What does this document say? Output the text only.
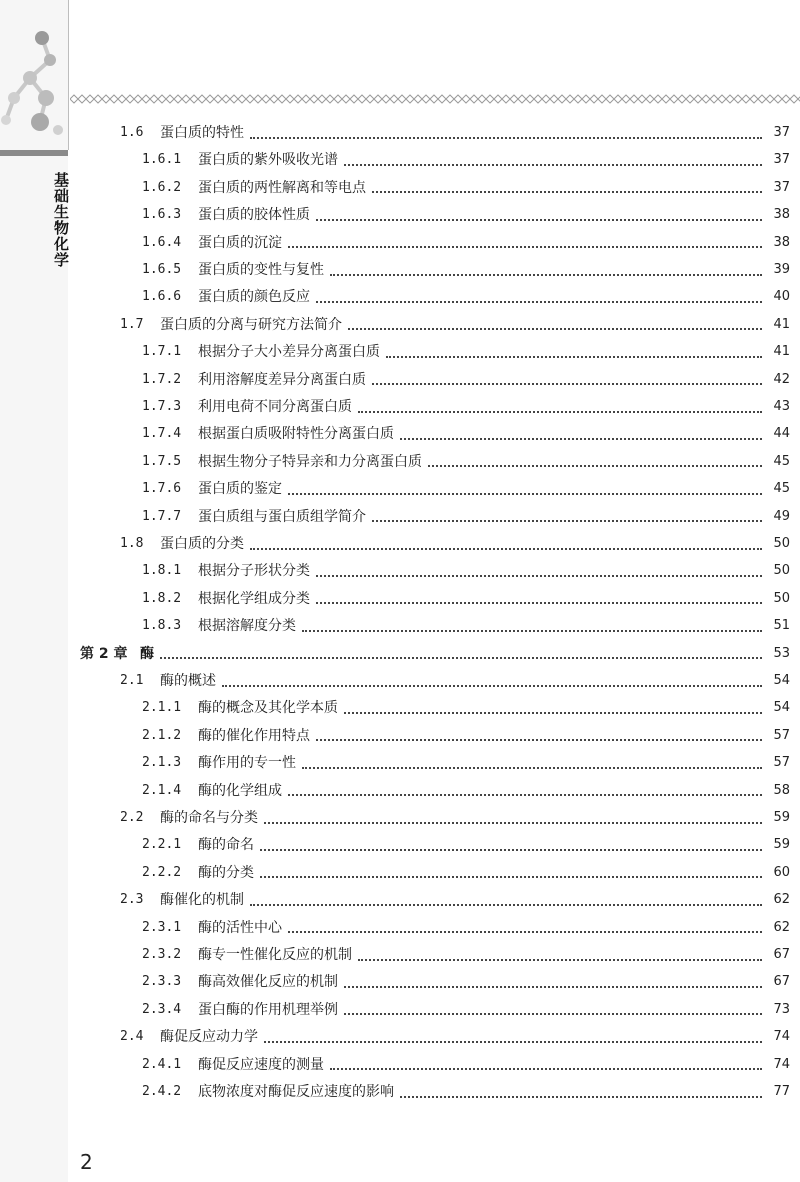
基础生物化学
1.6	蛋白质的特性	37
1.6.1	蛋白质的紫外吸收光谱	37
1.6.2	蛋白质的两性解离和等电点	37
1.6.3	蛋白质的胶体性质	38
1.6.4	蛋白质的沉淀	38
1.6.5	蛋白质的变性与复性	39
1.6.6	蛋白质的颜色反应	40
1.7	蛋白质的分离与研究方法简介	41
1.7.1	根据分子大小差异分离蛋白质	41
1.7.2	利用溶解度差异分离蛋白质	42
1.7.3	利用电荷不同分离蛋白质	43
1.7.4	根据蛋白质吸附特性分离蛋白质	44
1.7.5	根据生物分子特异亲和力分离蛋白质	45
1.7.6	蛋白质的鉴定	45
1.7.7	蛋白质组与蛋白质组学简介	49
1.8	蛋白质的分类	50
1.8.1	根据分子形状分类	50
1.8.2	根据化学组成分类	50
1.8.3	根据溶解度分类	51
第 2 章 酶	53
2.1	酶的概述	54
2.1.1	酶的概念及其化学本质	54
2.1.2	酶的催化作用特点	57
2.1.3	酶作用的专一性	57
2.1.4	酶的化学组成	58
2.2	酶的命名与分类	59
2.2.1	酶的命名	59
2.2.2	酶的分类	60
2.3	酶催化的机制	62
2.3.1	酶的活性中心	62
2.3.2	酶专一性催化反应的机制	67
2.3.3	酶高效催化反应的机制	67
2.3.4	蛋白酶的作用机理举例	73
2.4	酶促反应动力学	74
2.4.1	酶促反应速度的测量	74
2.4.2	底物浓度对酶促反应速度的影响	77
2
